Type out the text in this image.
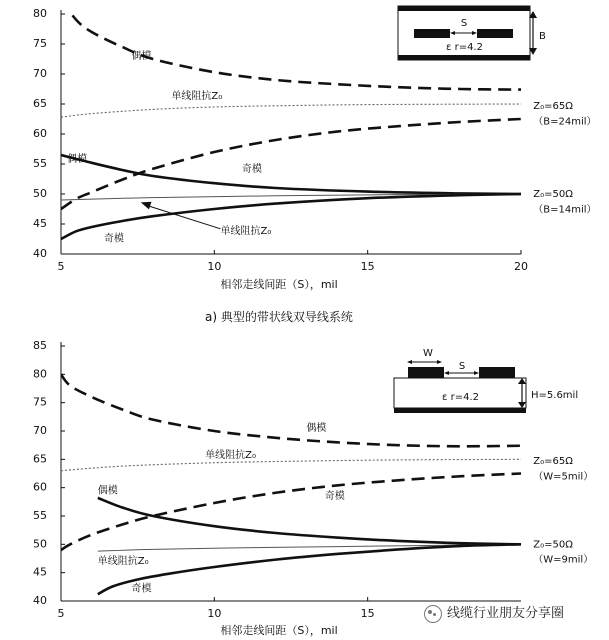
40
45
50
55
60
65
70
75
80
5	10	15	20
相邻走线间距（S），mil
偶模
单线阻抗Z₀
偶模
奇模
单线阻抗Z₀
奇模
Z₀=65Ω
（B=24mil）
Z₀=50Ω
（B=14mil）
S
ε r=4.2
B
40
45
50
55
60
65
70
75
80
85
5	10	15
相邻走线间距（S），mil
偶模
单线阻抗Z₀
偶模
奇模
单线阻抗Z₀
奇模
Z₀=65Ω
（W=5mil）
Z₀=50Ω
（W=9mil）
W
S
ε r=4.2	H=5.6mil
a) 典型的带状线双导线系统
线缆行业朋友分享圈
